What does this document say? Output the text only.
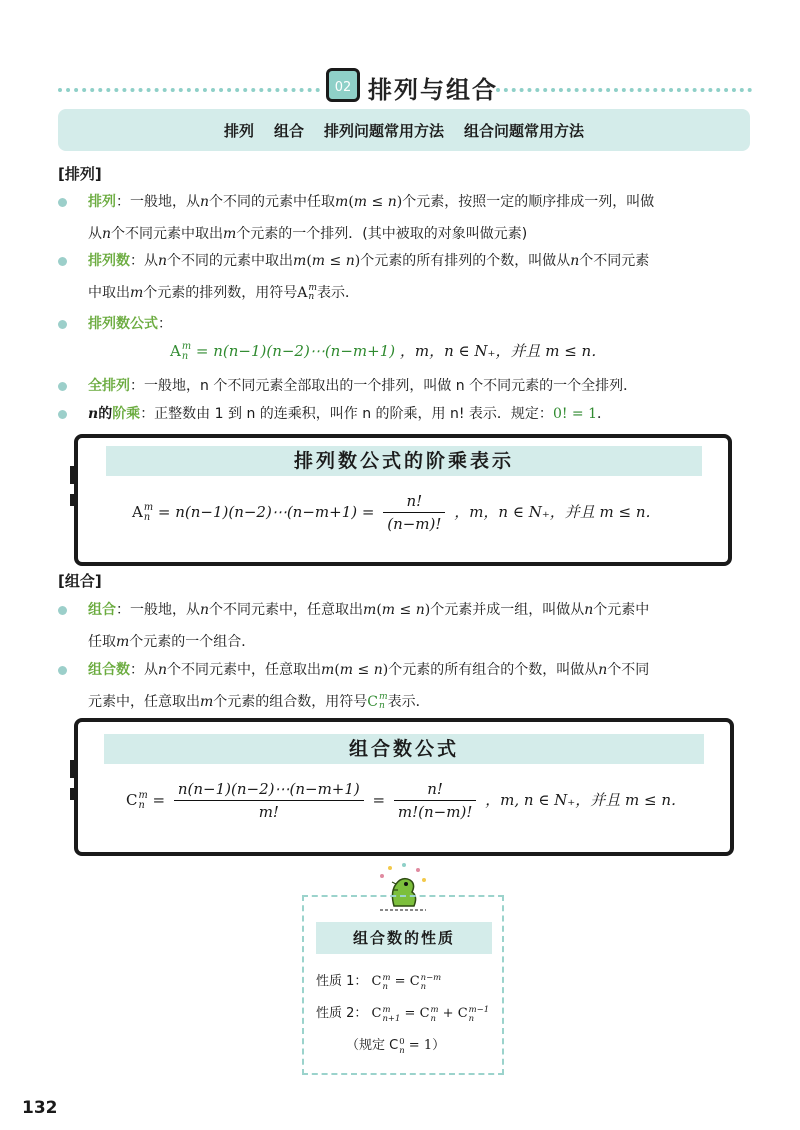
02 排列与组合
排列 组合 排列问题常用方法 组合问题常用方法
[排列]
排列：一般地，从n个不同的元素中任取m(m ≤ n)个元素，按照一定的顺序排成一列，叫做
从n个不同元素中取出m个元素的一个排列．(其中被取的对象叫做元素)
排列数：从n个不同的元素中取出m(m ≤ n)个元素的所有排列的个数，叫做从n个不同元素
中取出m个元素的排列数，用符号A m
n 表示．
排列数公式：
A m
n = n(n−1)(n−2)⋯(n−m+1) ，m，n ∈ N₊，并且 m ≤ n．
全排列：一般地，n 个不同元素全部取出的一个排列，叫做 n 个不同元素的一个全排列．
n的阶乘：正整数由 1 到 n 的连乘积，叫作 n 的阶乘，用 n! 表示．规定：0! = 1．
排列数公式的阶乘表示
A m
n = n(n−1)(n−2)⋯(n−m+1) = $\frac{n!}{(n-m)!}$ ，m，n ∈ N₊，并且 m ≤ n．
[组合]
组合：一般地，从n个不同元素中，任意取出m(m ≤ n)个元素并成一组，叫做从n个元素中
任取m个元素的一个组合．
组合数：从n个不同元素中，任意取出m(m ≤ n)个元素的所有组合的个数，叫做从n个不同
元素中，任意取出m个元素的组合数，用符号C m
n 表示．
组合数公式
C m
$n = \frac{n(n-1)(n-2)\cdots(n-m+1)}{m!} = \frac{n!}{m!(n-m)!}$ ，m, n ∈ N₊，并且 m ≤ n．
组合数的性质
性质 1： C m
n = C n−m
n
性质 2： C m
n+1 = C m
n + C m−1
n
（规定 C 0
n = 1）
132
